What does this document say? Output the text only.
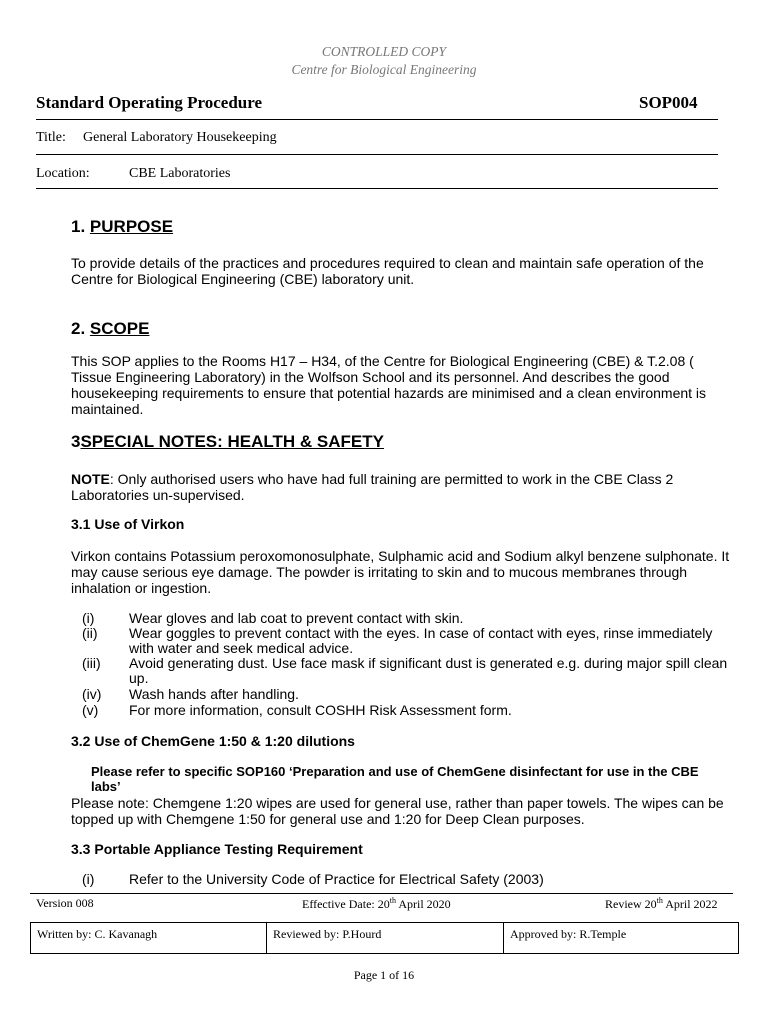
CONTROLLED COPY
Centre for Biological Engineering
Standard Operating Procedure	SOP004
Title: General Laboratory Housekeeping
Location:	CBE Laboratories
1. PURPOSE
To provide details of the practices and procedures required to clean and maintain safe operation of the Centre for Biological Engineering (CBE) laboratory unit.
2. SCOPE
This SOP applies to the Rooms H17 – H34, of the Centre for Biological Engineering (CBE) & T.2.08 ( Tissue Engineering Laboratory) in the Wolfson School and its personnel. And describes the good housekeeping requirements to ensure that potential hazards are minimised and a clean environment is maintained.
3SPECIAL NOTES: HEALTH & SAFETY
NOTE: Only authorised users who have had full training are permitted to work in the CBE Class 2 Laboratories un-supervised.
3.1 Use of Virkon
Virkon contains Potassium peroxomonosulphate, Sulphamic acid and Sodium alkyl benzene sulphonate. It may cause serious eye damage. The powder is irritating to skin and to mucous membranes through inhalation or ingestion.
(i) Wear gloves and lab coat to prevent contact with skin.
(ii) Wear goggles to prevent contact with the eyes. In case of contact with eyes, rinse immediately with water and seek medical advice.
(iii) Avoid generating dust. Use face mask if significant dust is generated e.g. during major spill clean up.
(iv) Wash hands after handling.
(v) For more information, consult COSHH Risk Assessment form.
3.2 Use of ChemGene 1:50 & 1:20 dilutions
Please refer to specific SOP160 ‘Preparation and use of ChemGene disinfectant for use in the CBE labs’
Please note: Chemgene 1:20 wipes are used for general use, rather than paper towels. The wipes can be topped up with Chemgene 1:50 for general use and 1:20 for Deep Clean purposes.
3.3 Portable Appliance Testing Requirement
(i) Refer to the University Code of Practice for Electrical Safety (2003)
Version 008	Effective Date: 20th April 2020	Review 20th April 2022
Written by: C. Kavanagh	Reviewed by: P.Hourd	Approved by: R.Temple
Page 1 of 16
